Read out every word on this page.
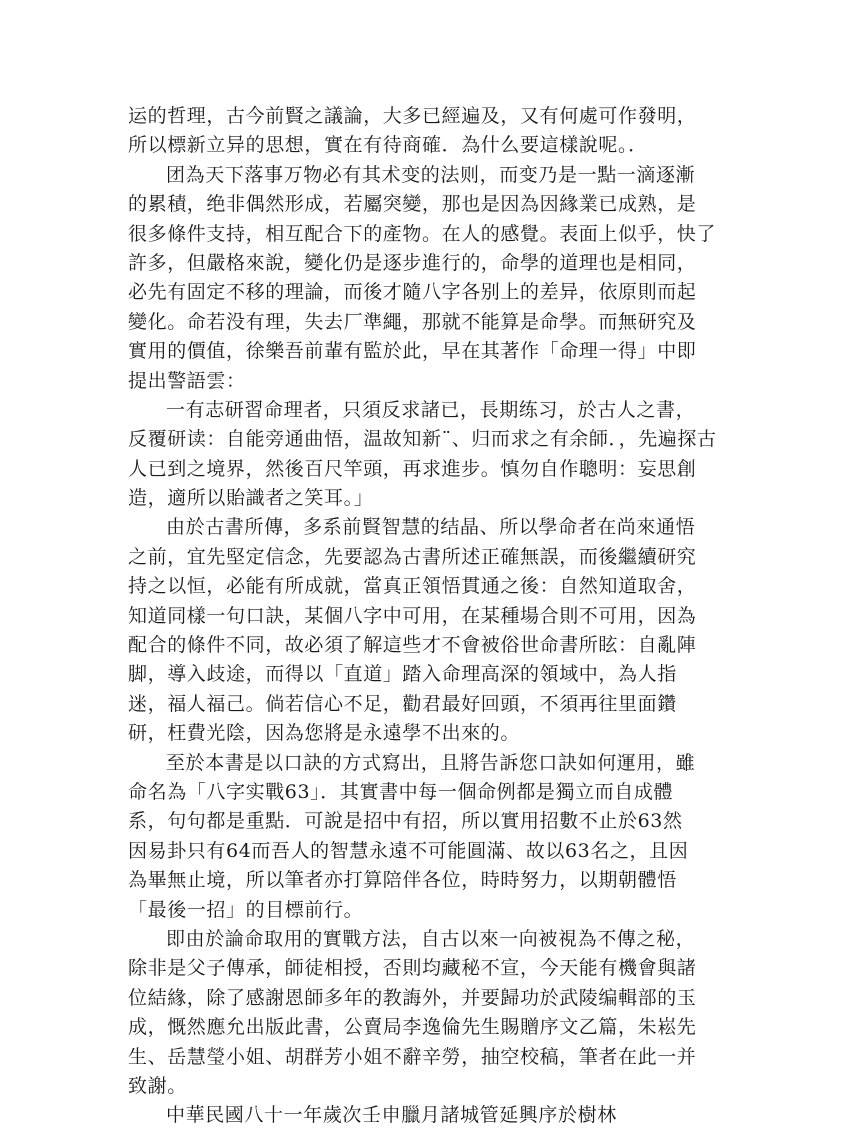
运的哲理，古今前賢之議論，大多已經遍及，又有何處可作發明，
所以標新立异的思想，實在有待商確．為什么要這樣說呢。．
团為天下落事万物必有其术变的法则，而变乃是一點一滴逐漸
的累積，绝非偶然形成，若屬突變，那也是因為因緣業已成熟，是
很多條件支持，相互配合下的產物。在人的感覺。表面上似乎，快了
許多，但嚴格來說，變化仍是逐步進行的，命學的道理也是相同，
必先有固定不移的理論，而後才隨八字各别上的差异，依原則而起
變化。命若没有理，失去厂準繩，那就不能算是命學。而無研究及
實用的價值，徐樂吾前輩有監於此，早在其著作「命理一得」中即
提出警語雲：
一有志研習命理者，只須反求諸已，長期练习，於古人之書，
反覆研读：自能旁通曲悟，温故知新¨、归而求之有余師．，先遍探古
人已到之境界，然後百尺竿頭，再求進步。慎勿自作聰明：妄思創
造，適所以貽識者之笑耳。」
由於古書所傳，多系前賢智慧的结晶、所以學命者在尚來通悟
之前，宜先堅定信念，先要認為古書所述正確無誤，而後繼續研究
持之以恒，必能有所成就，當真正領悟貫通之後：自然知道取舍，
知道同樣一句口訣，某個八字中可用，在某種場合則不可用，因為
配合的條件不同，故必須了解這些才不會被俗世命書所眩：自亂陣
脚，導入歧途，而得以「直道」踏入命理高深的領域中，為人指
迷，福人福己。倘若信心不足，勸君最好回頭，不須再往里面鑽
研，枉費光陰，因為您將是永遠學不出來的。
至於本書是以口訣的方式寫出，且將告訴您口訣如何運用，雖
命名為「八字实戰63」．其實書中每一個命例都是獨立而自成體
系，句句都是重點．可說是招中有招，所以實用招數不止於63然
因易卦只有64而吾人的智慧永遠不可能圓滿、故以63名之，且因
為畢無止境，所以筆者亦打算陪伴各位，時時努力，以期朝體悟
「最後一招」的目標前行。
即由於論命取用的實戰方法，自古以來一向被視為不傳之秘，
除非是父子傳承，師徒相授，否則均藏秘不宣，今天能有機會與諸
位結緣，除了感謝恩師多年的教誨外，并要歸功於武陵编輯部的玉
成，慨然應允出版此書，公賣局李逸倫先生賜贈序文乙篇，朱崧先
生、岳慧瑩小姐、胡群芳小姐不辭辛勞，抽空校稿，筆者在此一并
致謝。
中華民國八十一年歲次壬申臘月諸城管延興序於樹林
